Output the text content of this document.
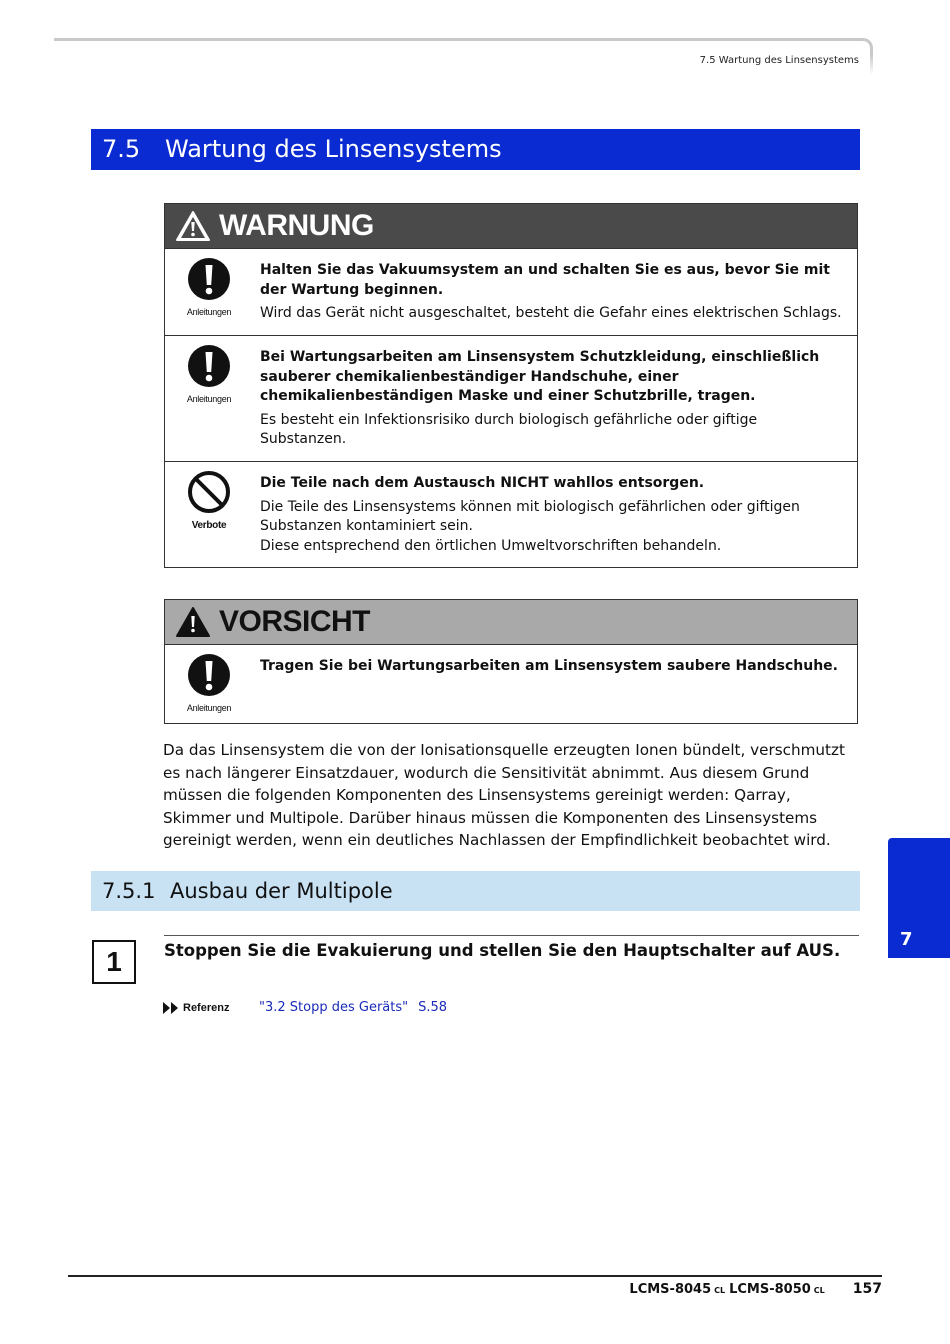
7.5 Wartung des Linsensystems
7.5 Wartung des Linsensystems
WARNUNG
Anleitungen
Halten Sie das Vakuumsystem an und schalten Sie es aus, bevor Sie mit der Wartung beginnen.
Wird das Gerät nicht ausgeschaltet, besteht die Gefahr eines elektrischen Schlags.
Anleitungen
Bei Wartungsarbeiten am Linsensystem Schutzkleidung, einschließlich sauberer chemikalienbeständiger Handschuhe, einer chemikalienbeständigen Maske und einer Schutzbrille, tragen.
Es besteht ein Infektionsrisiko durch biologisch gefährliche oder giftige Substanzen.
Verbote
Die Teile nach dem Austausch NICHT wahllos entsorgen.
Die Teile des Linsensystems können mit biologisch gefährlichen oder giftigen Substanzen kontaminiert sein.
Diese entsprechend den örtlichen Umweltvorschriften behandeln.
VORSICHT
Anleitungen
Tragen Sie bei Wartungsarbeiten am Linsensystem saubere Handschuhe.
Da das Linsensystem die von der Ionisationsquelle erzeugten Ionen bündelt, verschmutzt es nach längerer Einsatzdauer, wodurch die Sensitivität abnimmt. Aus diesem Grund müssen die folgenden Komponenten des Linsensystems gereinigt werden: Qarray, Skimmer und Multipole. Darüber hinaus müssen die Komponenten des Linsensystems gereinigt werden, wenn ein deutliches Nachlassen der Empfindlichkeit beobachtet wird.
7.5.1 Ausbau der Multipole
1	Stoppen Sie die Evakuierung und stellen Sie den Hauptschalter auf AUS.
Referenz	"3.2 Stopp des Geräts" S.58
7
LCMS-8045 CL LCMS-8050 CL 157
